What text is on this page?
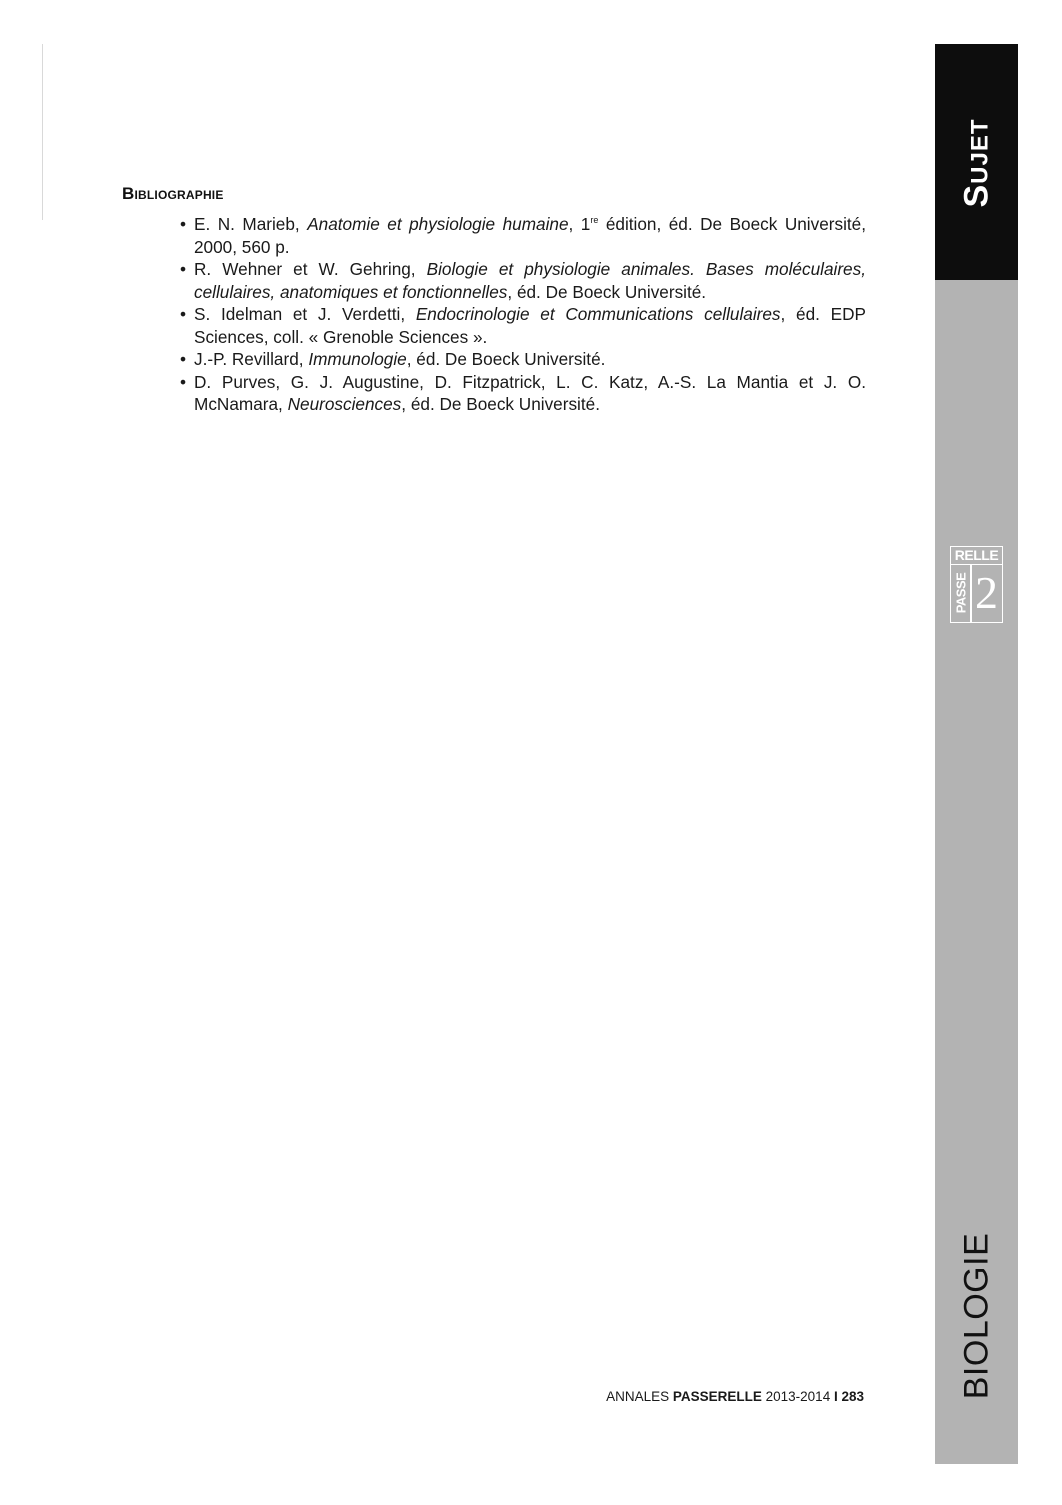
Bibliographie
• E. N. Marieb, Anatomie et physiologie humaine, 1re édition, éd. De Boeck Université, 2000, 560 p.
• R. Wehner et W. Gehring, Biologie et physiologie animales. Bases moléculaires, cellulaires, anatomiques et fonctionnelles, éd. De Boeck Université.
• S. Idelman et J. Verdetti, Endocrinologie et Communications cellulaires, éd. EDP Sciences, coll. « Grenoble Sciences ».
• J.-P. Revillard, Immunologie, éd. De Boeck Université.
• D. Purves, G. J. Augustine, D. Fitzpatrick, L. C. Katz, A.-S. La Mantia et J. O. McNamara, Neurosciences, éd. De Boeck Université.
ANNALES PASSERELLE 2013-2014 I 283
Sujet
RELLE
PASSE 2
BIOLOGIE
